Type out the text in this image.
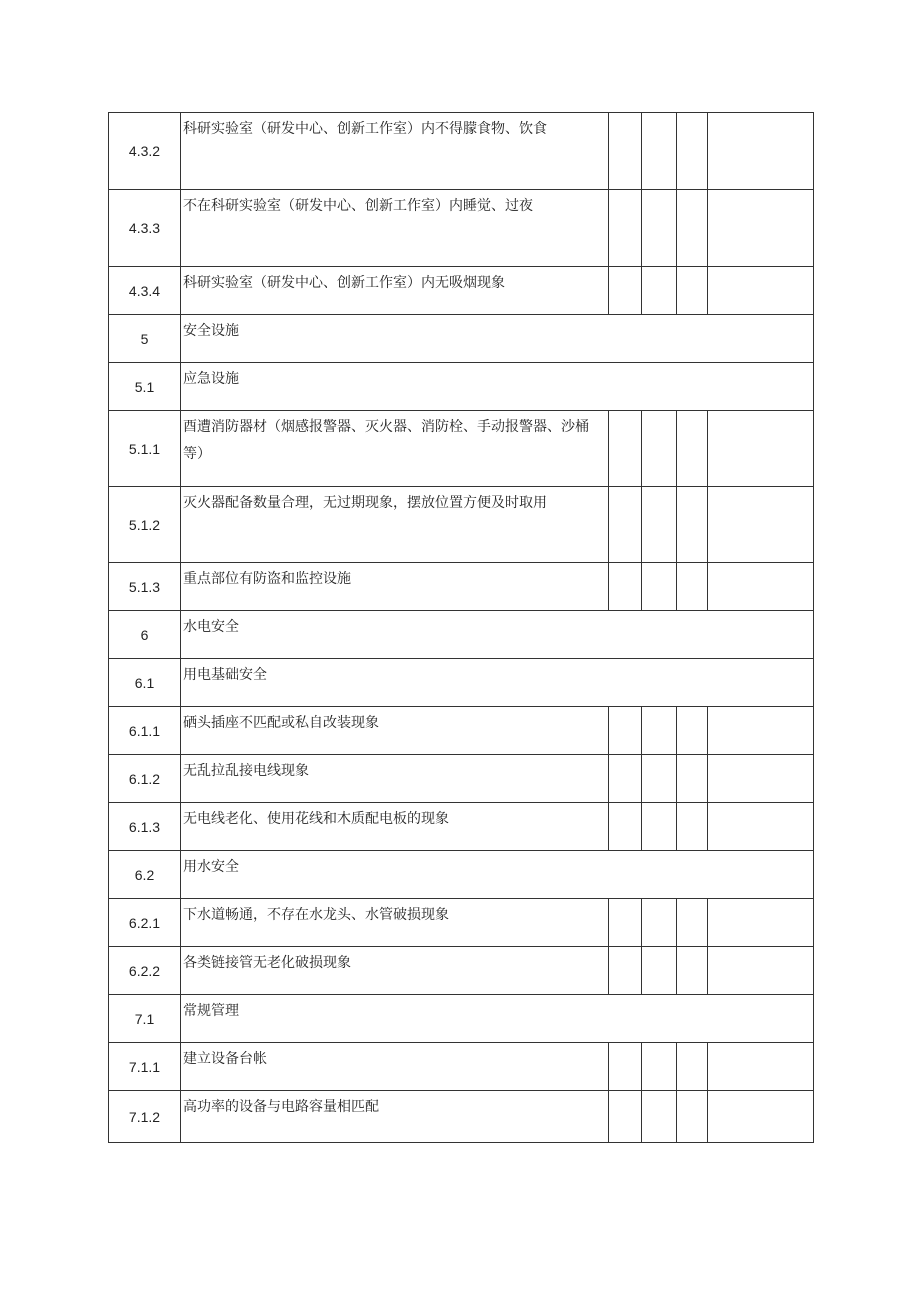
4.3.2	科研实验室（研发中心、创新工作室）内不得朦食物、饮食				
4.3.3	不在科研实验室（研发中心、创新工作室）内睡觉、过夜				
4.3.4	科研实验室（研发中心、创新工作室）内无吸烟现象				
5	安全设施				
5.1	应急设施				
5.1.1	酉遭消防器材（烟感报警器、灭火器、消防栓、手动报警器、沙桶等）				
5.1.2	灭火器配备数量合理，无过期现象，摆放位置方便及时取用				
5.1.3	重点部位有防盗和监控设施				
6	水电安全				
6.1	用电基础安全				
6.1.1	硒头插座不匹配或私自改装现象				
6.1.2	无乱拉乱接电线现象				
6.1.3	无电线老化、使用花线和木质配电板的现象				
6.2	用水安全				
6.2.1	下水道畅通，不存在水龙头、水管破损现象				
6.2.2	各类链接管无老化破损现象				
7.1	常规管理				
7.1.1	建立设备台帐				
7.1.2	高功率的设备与电路容量相匹配				
